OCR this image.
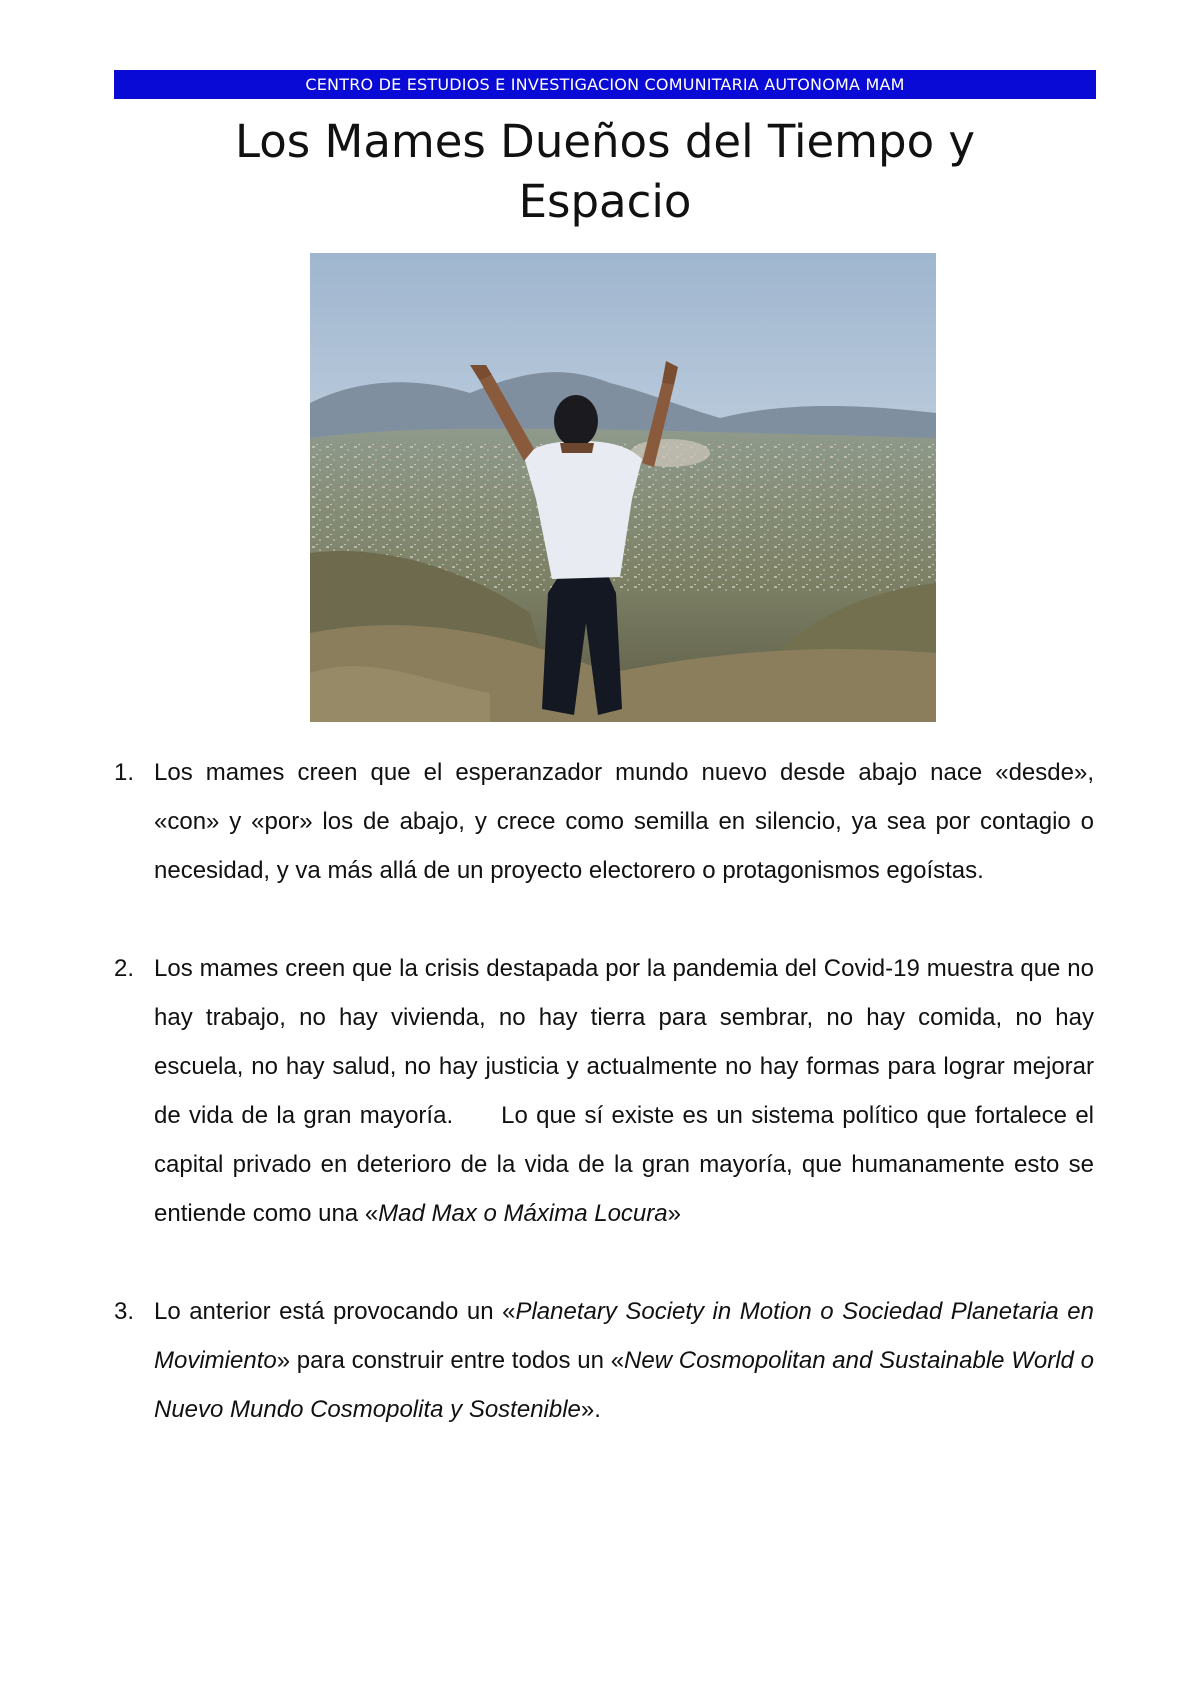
CENTRO DE ESTUDIOS E INVESTIGACION COMUNITARIA AUTONOMA MAM
Los Mames Dueños del Tiempo y
Espacio
1. Los mames creen que el esperanzador mundo nuevo desde abajo nace «desde», «con» y «por» los de abajo, y crece como semilla en silencio, ya sea por contagio o necesidad, y va más allá de un proyecto electorero o protagonismos egoístas.
2. Los mames creen que la crisis destapada por la pandemia del Covid-19 muestra que no hay trabajo, no hay vivienda, no hay tierra para sembrar, no hay comida, no hay escuela, no hay salud, no hay justicia y actualmente no hay formas para lograr mejorar de vida de la gran mayoría. Lo que sí existe es un sistema político que fortalece el capital privado en deterioro de la vida de la gran mayoría, que humanamente esto se entiende como una «Mad Max o Máxima Locura»
3. Lo anterior está provocando un «Planetary Society in Motion o Sociedad Planetaria en Movimiento» para construir entre todos un «New Cosmopolitan and Sustainable World o Nuevo Mundo Cosmopolita y Sostenible».
